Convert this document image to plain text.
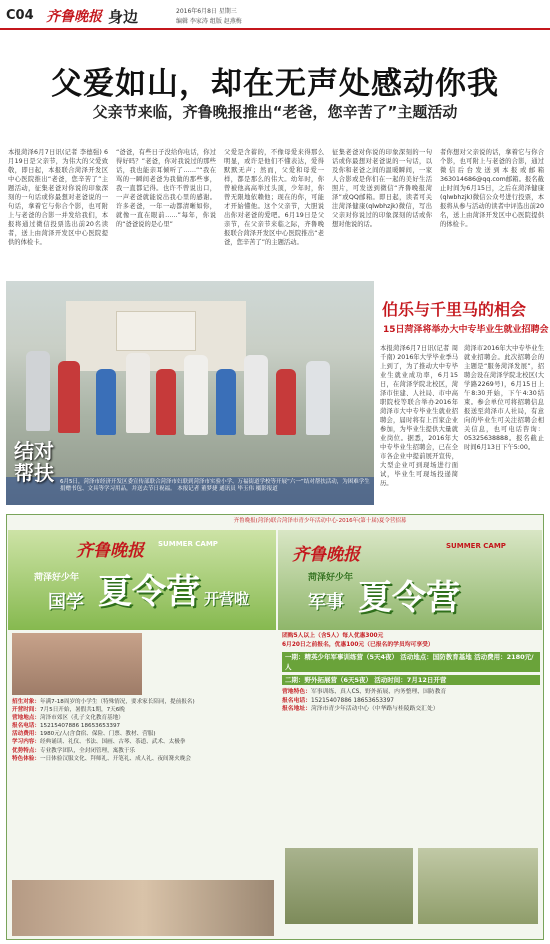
C04 齐鲁晚报 身边	2016年6月8日 星期三
编辑 李家涛 组版 赵燕梅
父爱如山，却在无声处感动你我
父亲节来临，齐鲁晚报推出“老爸，您辛苦了”主题活动
本报菏泽6月7日讯(记者 李德强) 6月19日是父亲节，为伟大的父爱致敬，即日起，本报联合菏泽开发区中心医院推出“老爸，您辛苦了”主题活动，征集老爸对你说的印象深刻的一句话或你最想对老爸说的一句话，拿着它与你合个影，也可附上与老爸的合影一并发给我们，本报将通过微信投票选出前20名读者，送上由菏泽开发区中心医院提供的体检卡。
“爸爸，有些日子没给你电话，你过得好吗？”老爸，你对我说过的那些话，我也能亲耳倾听了……”“我在骂的一瞬间老爸为我做的那些事，我一直都记得。也许不曾说出口，一声老爸就能说出我心里的感谢。许多老爸，一年一动都清晰如你，就像一直在眼前……”每年，你说的“爸爸说的是心里”
父爱是含蓄的，不像母爱来得那么明显，或许是他们不懂表达，爱得默默无声；然而，父爱和母爱一样，都是那么的伟大。幼年时，你曾被他高高举过头顶，少年时，你曾无限地依赖他；现在的你，可能才开始懂他。这个父亲节，大胆说出你对老爸的爱吧。6月19日是父亲节，在父亲节来临之际，齐鲁晚报联合菏泽开发区中心医院推出“老爸，您辛苦了”的主题活动。
征集老爸对你说的印象深刻的一句话或你最想对老爸说的一句话，以及你和老爸之间的温暖瞬间，一家人合影或是你们在一起的美好生活照片，可发送到微信“齐鲁晚报菏泽”或QQ邮箱。即日起，读者可关注菏泽健康(qlwbhzjk)微信，写出父亲对你说过的印象深刻的话或你想对他说的话。
者你想对父亲说的话，拿着它与你合个影，也可附上与老爸的合影，通过微信后台发送到本报或邮箱363014686@qq.com邮箱。报名截止时间为6月15日，之后在菏泽健康(qlwbhzjk)微信公众号进行投票，本报将从参与活动的读者中评选出前20名，送上由菏泽开发区中心医院提供的体检卡。
结对帮扶	6月5日，菏泽市经济开发区委宣传部联合菏泽市妇联到菏泽市实验小学、万福街道学校等开展“六一”结对帮扶活动，为困难学生捐赠书包、文具等学习用品，并送去节日祝福。 本报记者 董梦捷 通讯员 毕玉伟 摄影报道
伯乐与千里马的相会
15日菏泽将举办大中专毕业生就业招聘会
本报菏泽6月7日讯(记者 周千南) 2016年大学毕业季马上到了，为了推动大中专毕业生就业成功率，6月15日，在菏泽学院北校区，菏泽市住建、人社局、市中高职院校等联合举办2016年菏泽市大中专毕业生就业招聘会，届时将有上百家企业参加，为毕业生提供大量就业岗位。据悉，2016年大中专毕业生招聘会，已在全市各企业中提前展开宣传，大型企业可到现场进行面试，毕业生可现场投递简历。
菏泽市2016年大中专毕业生就业招聘会。此次招聘会的主题是“服务菏泽发展”，招聘会设在菏泽学院北校区(大学路2269号)，6月15日上午8:30开始，下午4:30结束。参会单位可将招聘信息报送至菏泽市人社局，有意向的毕业生可关注招聘会相关信息，也可电话咨询：05325638888。报名截止时间6月13日下午5:00。
齐鲁晚报(菏泽)联合菏泽市青少年活动中心·2016年(第十届)夏令营招募
齐鲁晚报 SUMMER CAMP
菏泽好少年
国学 夏令营 开营啦
齐鲁晚报	SUMMER CAMP
菏泽好少年
军事 夏令营
招生对象：年满7-18周岁的小学生（特殊情况，要求家长陪同，提前报名)
开营时间：7月5日开始，暑假共1期，7天6晚
营地地点：菏泽市郊区（孔子文化教育基地）
报名电话：15215407886 18653653397
活动费用：1980元/人(含食宿、保险、门票、教材、营服)
学习内容：经典诵读、礼仪、书法、国画、古琴、茶道、武术、太极拳
优势特点：专业教学团队，全封闭管理，寓教于乐
特色体验：一日体验汉服文化、拜师礼、开笔礼、成人礼、夜间篝火晚会
团购5人以上（含5人）每人优惠300元
6月20日之前报名，优惠100元（已报名的学员均可享受）
一期：精英少年军事训练营（5天4夜） 活动地点：国防教育基地 活动费用：2180元/人
二期：野外拓展营（6天5夜） 活动时间：7月12日开营
营地特色：军事训练、真人CS、野外拓展、内务整理、国防教育
报名电话：15215407886 18653653397
报名地址：菏泽市青少年活动中心（中华路与桂陵路交汇处）
